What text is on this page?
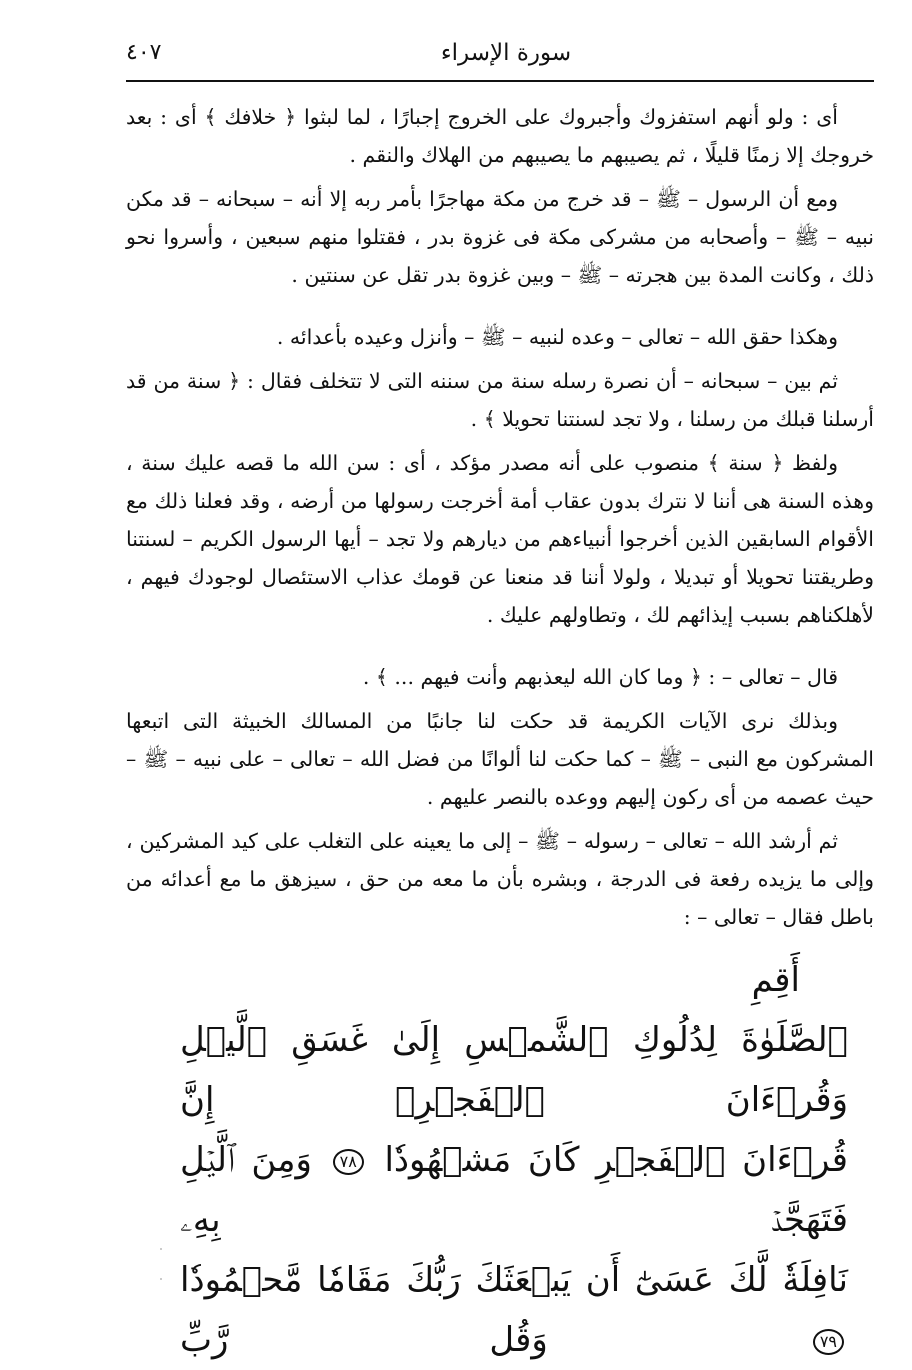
سورة الإسراء
٤٠٧

أى : ولو أنهم استفزوك وأجبروك على الخروج إجبارًا ، لما لبثوا ﴿ خلافك ﴾ أى : بعد خروجك إلا زمنًا قليلًا ، ثم يصيبهم ما يصيبهم من الهلاك والنقم .

ومع أن الرسول – ﷺ – قد خرج من مكة مهاجرًا بأمر ربه إلا أنه – سبحانه – قد مكن نبيه – ﷺ – وأصحابه من مشركى مكة فى غزوة بدر ، فقتلوا منهم سبعين ، وأسروا نحو ذلك ، وكانت المدة بين هجرته – ﷺ – وبين غزوة بدر تقل عن سنتين .

وهكذا حقق الله – تعالى – وعده لنبيه – ﷺ – وأنزل وعيده بأعدائه .

ثم بين – سبحانه – أن نصرة رسله سنة من سننه التى لا تتخلف فقال : ﴿ سنة من قد أرسلنا قبلك من رسلنا ، ولا تجد لسنتنا تحويلا ﴾ .

ولفظ ﴿ سنة ﴾ منصوب على أنه مصدر مؤكد ، أى : سن الله ما قصه عليك سنة ، وهذه السنة هى أننا لا نترك بدون عقاب أمة أخرجت رسولها من أرضه ، وقد فعلنا ذلك مع الأقوام السابقين الذين أخرجوا أنبياءهم من ديارهم ولا تجد – أيها الرسول الكريم – لسنتنا وطريقتنا تحويلا أو تبديلا ، ولولا أننا قد منعنا عن قومك عذاب الاستئصال لوجودك فيهم ، لأهلكناهم بسبب إيذائهم لك ، وتطاولهم عليك .

قال – تعالى – : ﴿ وما كان الله ليعذبهم وأنت فيهم ... ﴾ .

وبذلك نرى الآيات الكريمة قد حكت لنا جانبًا من المسالك الخبيثة التى اتبعها المشركون مع النبى – ﷺ – كما حكت لنا ألوانًا من فضل الله – تعالى – على نبيه – ﷺ – حيث عصمه من أى ركون إليهم ووعده بالنصر عليهم .

ثم أرشد الله – تعالى – رسوله – ﷺ – إلى ما يعينه على التغلب على كيد المشركين ، وإلى ما يزيده رفعة فى الدرجة ، وبشره بأن ما معه من حق ، سيزهق ما مع أعدائه من باطل فقال – تعالى – :

أَقِمِ
ٱلصَّلَوٰةَ لِدُلُوكِ ٱلشَّمۡسِ إِلَىٰ غَسَقِ ٱلَّيۡلِ وَقُرۡءَانَ ٱلۡفَجۡرِۖ إِنَّ
قُرۡءَانَ ٱلۡفَجۡرِ كَانَ مَشۡهُودٗا ٧٨ وَمِنَ ٱلَّيۡلِ فَتَهَجَّدۡ بِهِۦ
نَافِلَةٗ لَّكَ عَسَىٰٓ أَن يَبۡعَثَكَ رَبُّكَ مَقَامٗا مَّحۡمُودٗا ٧٩ وَقُل رَّبِّ
